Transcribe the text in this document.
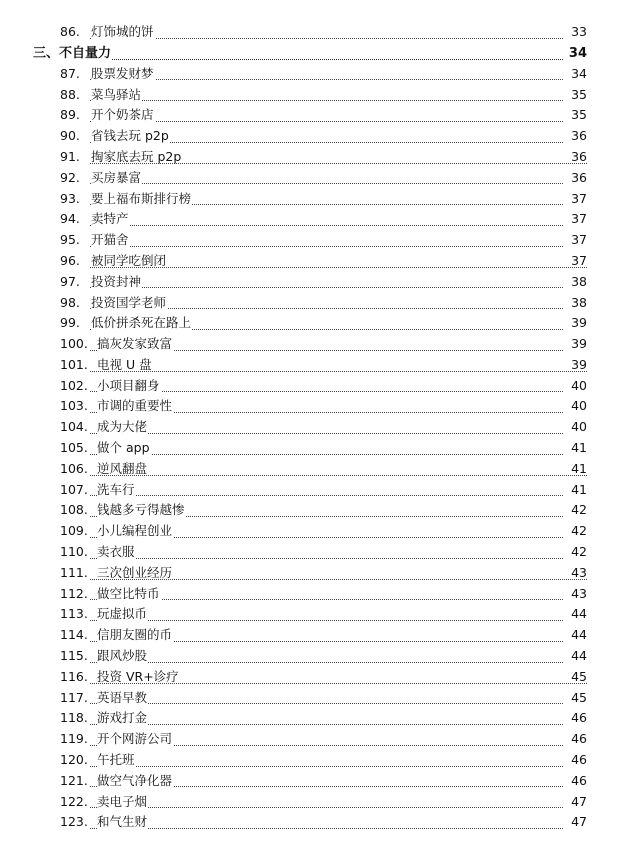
86. 灯饰城的饼	33
三、不自量力	34
87. 股票发财梦	34
88. 菜鸟驿站	35
89. 开个奶茶店	35
90. 省钱去玩 p2p	36
91. 掏家底去玩 p2p	36
92. 买房暴富	36
93. 要上福布斯排行榜	37
94. 卖特产	37
95. 开猫舍	37
96. 被同学吃倒闭	37
97. 投资封神	38
98. 投资国学老师	38
99. 低价拼杀死在路上	39
100. 搞灰发家致富	39
101. 电视 U 盘	39
102. 小项目翻身	40
103. 市调的重要性	40
104. 成为大佬	40
105. 做个 app	41
106. 逆风翻盘	41
107. 洗车行	41
108. 钱越多亏得越惨	42
109. 小儿编程创业	42
110. 卖衣服	42
111. 三次创业经历	43
112. 做空比特币	43
113. 玩虚拟币	44
114. 信朋友圈的币	44
115. 跟风炒股	44
116. 投资 VR+诊疗	45
117. 英语早教	45
118. 游戏打金	46
119. 开个网游公司	46
120. 午托班	46
121. 做空气净化器	46
122. 卖电子烟	47
123. 和气生财	47
